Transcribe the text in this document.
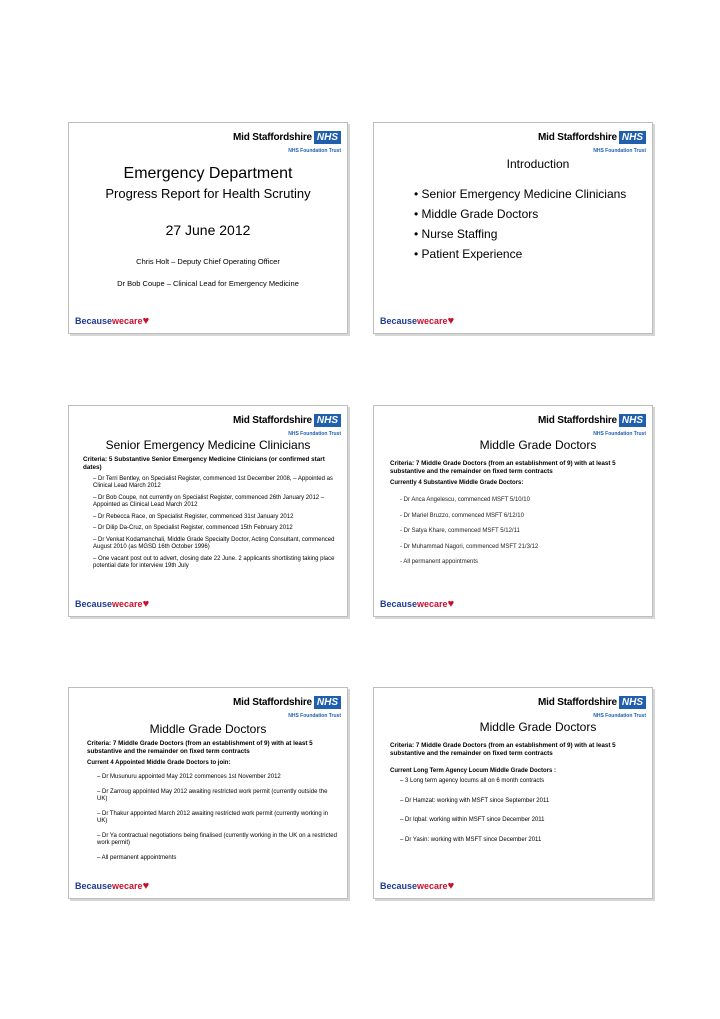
Mid Staffordshire NHS
NHS Foundation Trust
Emergency Department
Progress Report for Health Scrutiny
27 June 2012
Chris Holt – Deputy Chief Operating Officer
Dr Bob Coupe – Clinical Lead for Emergency Medicine
Becausewecare♥
Mid Staffordshire NHS
NHS Foundation Trust
Introduction
• Senior Emergency Medicine Clinicians
• Middle Grade Doctors
• Nurse Staffing
• Patient Experience
Becausewecare♥
Mid Staffordshire NHS
NHS Foundation Trust
Senior Emergency Medicine Clinicians
Criteria: 5 Substantive Senior Emergency Medicine Clinicians (or confirmed start dates)
– Dr Terri Bentley, on Specialist Register, commenced 1st December 2008, – Appointed as Clinical Lead March 2012
– Dr Bob Coupe, not currently on Specialist Register, commenced 26th January 2012 – Appointed as Clinical Lead March 2012
– Dr Rebecca Race, on Specialist Register, commenced 31st January 2012
– Dr Dilip Da-Cruz, on Specialist Register, commenced 15th February 2012
– Dr Venkat Kodamanchali, Middle Grade Specialty Doctor, Acting Consultant, commenced August 2010 (as MGSD 16th October 1996)
– One vacant post out to advert, closing date 22 June. 2 applicants shortlisting taking place potential date for interview 19th July
Becausewecare♥
Mid Staffordshire NHS
NHS Foundation Trust
Middle Grade Doctors
Criteria: 7 Middle Grade Doctors (from an establishment of 9) with at least 5 substantive and the remainder on fixed term contracts
Currently 4 Substantive Middle Grade Doctors:
- Dr Anca Angelescu, commenced MSFT 5/10/10
- Dr Mariel Bruzzo, commenced MSFT 6/12/10
- Dr Satya Khare, commenced MSFT 5/12/11
- Dr Muhammad Nagori, commenced MSFT 21/3/12
- All permanent appointments
Becausewecare♥
Mid Staffordshire NHS
NHS Foundation Trust
Middle Grade Doctors
Criteria: 7 Middle Grade Doctors (from an establishment of 9) with at least 5 substantive and the remainder on fixed term contracts
Current 4 Appointed Middle Grade Doctors to join:
– Dr Musunuru appointed May 2012 commences 1st November 2012
– Dr Zarroug appointed May 2012 awaiting restricted work permit (currently outside the UK)
– Dr Thakur appointed March 2012 awaiting restricted work permit (currently working in UK)
– Dr Ya contractual negotiations being finalised (currently working in the UK on a restricted work permit)
– All permanent appointments
Becausewecare♥
Mid Staffordshire NHS
NHS Foundation Trust
Middle Grade Doctors
Criteria: 7 Middle Grade Doctors (from an establishment of 9) with at least 5 substantive and the remainder on fixed term contracts
Current Long Term Agency Locum Middle Grade Doctors :
– 3 Long term agency locums all on 6 month contracts
– Dr Hamzat: working with MSFT since September 2011
– Dr Iqbal: working within MSFT since December 2011
– Dr Yasin: working with MSFT since December 2011
Becausewecare♥
